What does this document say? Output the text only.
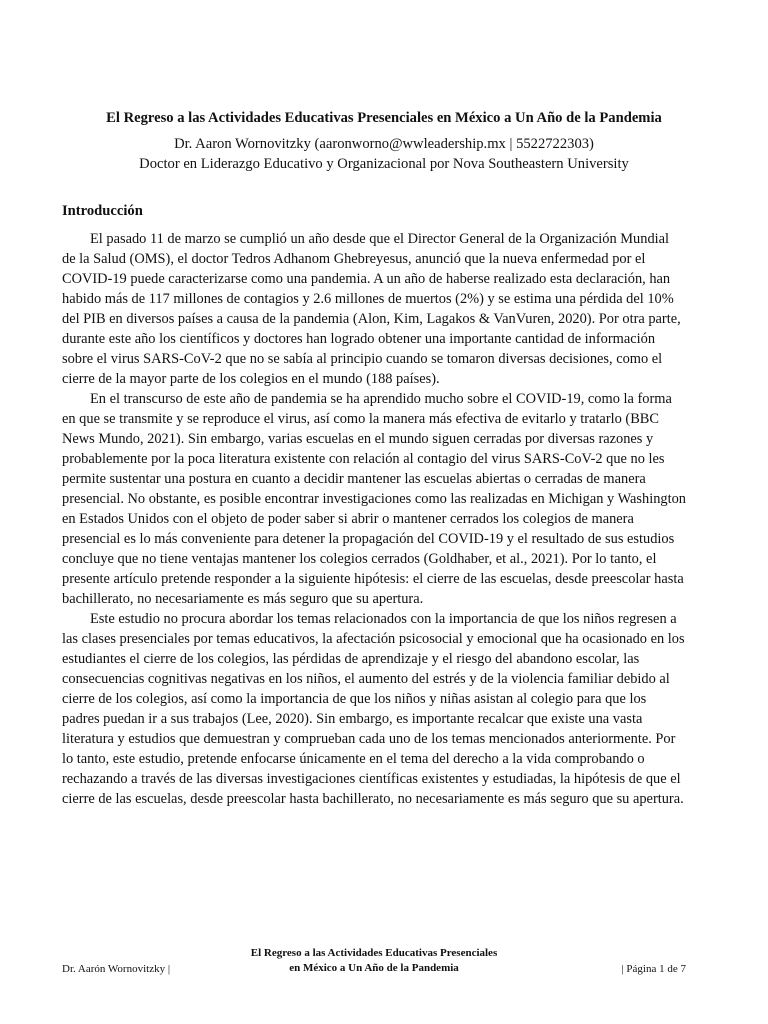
El Regreso a las Actividades Educativas Presenciales en México a Un Año de la Pandemia
Dr. Aaron Wornovitzky (aaronworno@wwleadership.mx | 5522722303)
Doctor en Liderazgo Educativo y Organizacional por Nova Southeastern University
Introducción

El pasado 11 de marzo se cumplió un año desde que el Director General de la Organización Mundial de la Salud (OMS), el doctor Tedros Adhanom Ghebreyesus, anunció que la nueva enfermedad por el COVID-19 puede caracterizarse como una pandemia. A un año de haberse realizado esta declaración, han habido más de 117 millones de contagios y 2.6 millones de muertos (2%) y se estima una pérdida del 10% del PIB en diversos países a causa de la pandemia (Alon, Kim, Lagakos & VanVuren, 2020). Por otra parte, durante este año los científicos y doctores han logrado obtener una importante cantidad de información sobre el virus SARS-CoV-2 que no se sabía al principio cuando se tomaron diversas decisiones, como el cierre de la mayor parte de los colegios en el mundo (188 países).

En el transcurso de este año de pandemia se ha aprendido mucho sobre el COVID-19, como la forma en que se transmite y se reproduce el virus, así como la manera más efectiva de evitarlo y tratarlo (BBC News Mundo, 2021). Sin embargo, varias escuelas en el mundo siguen cerradas por diversas razones y probablemente por la poca literatura existente con relación al contagio del virus SARS-CoV-2 que no les permite sustentar una postura en cuanto a decidir mantener las escuelas abiertas o cerradas de manera presencial. No obstante, es posible encontrar investigaciones como las realizadas en Michigan y Washington en Estados Unidos con el objeto de poder saber si abrir o mantener cerrados los colegios de manera presencial es lo más conveniente para detener la propagación del COVID-19 y el resultado de sus estudios concluye que no tiene ventajas mantener los colegios cerrados (Goldhaber, et al., 2021). Por lo tanto, el presente artículo pretende responder a la siguiente hipótesis: el cierre de las escuelas, desde preescolar hasta bachillerato, no necesariamente es más seguro que su apertura.

Este estudio no procura abordar los temas relacionados con la importancia de que los niños regresen a las clases presenciales por temas educativos, la afectación psicosocial y emocional que ha ocasionado en los estudiantes el cierre de los colegios, las pérdidas de aprendizaje y el riesgo del abandono escolar, las consecuencias cognitivas negativas en los niños, el aumento del estrés y de la violencia familiar debido al cierre de los colegios, así como la importancia de que los niños y niñas asistan al colegio para que los padres puedan ir a sus trabajos (Lee, 2020). Sin embargo, es importante recalcar que existe una vasta literatura y estudios que demuestran y comprueban cada uno de los temas mencionados anteriormente. Por lo tanto, este estudio, pretende enfocarse únicamente en el tema del derecho a la vida comprobando o rechazando a través de las diversas investigaciones científicas existentes y estudiadas, la hipótesis de que el cierre de las escuelas, desde preescolar hasta bachillerato, no necesariamente es más seguro que su apertura.

Dr. Aarón Wornovitzky |
El Regreso a las Actividades Educativas Presenciales
en México a Un Año de la Pandemia	| Página 1 de 7
